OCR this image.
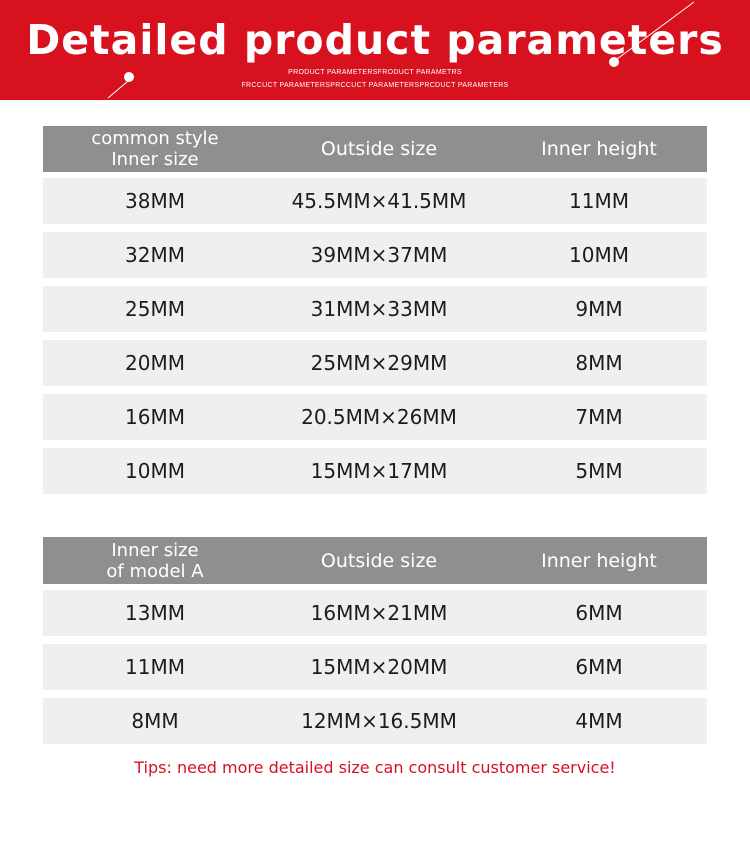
Detailed product parameters
PRODUCT PARAMETERSFRODUCT PARAMETRS
FRCCUCT PARAMETERSPRCCUCT PARAMETERSPRCDUCT PARAMETERS
common style
Inner size	Outside size	Inner height
38MM	45.5MM×41.5MM	11MM
32MM	39MM×37MM	10MM
25MM	31MM×33MM	9MM
20MM	25MM×29MM	8MM
16MM	20.5MM×26MM	7MM
10MM	15MM×17MM	5MM
Inner size
of model A	Outside size	Inner height
13MM	16MM×21MM	6MM
11MM	15MM×20MM	6MM
8MM	12MM×16.5MM	4MM
Tips: need more detailed size can consult customer service!
